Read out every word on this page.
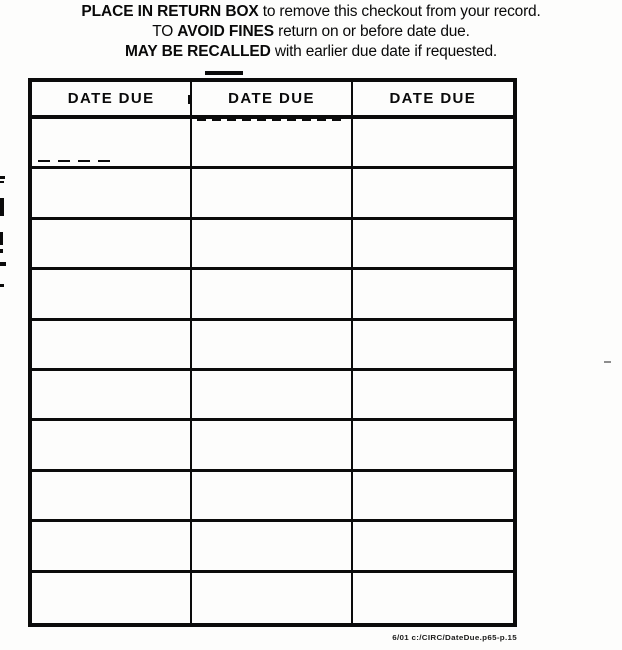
PLACE IN RETURN BOX to remove this checkout from your record.

TO AVOID FINES return on or before date due.

MAY BE RECALLED with earlier due date if requested.

DATE DUE	DATE DUE	DATE DUE
6/01 c:/CIRC/DateDue.p65-p.15
